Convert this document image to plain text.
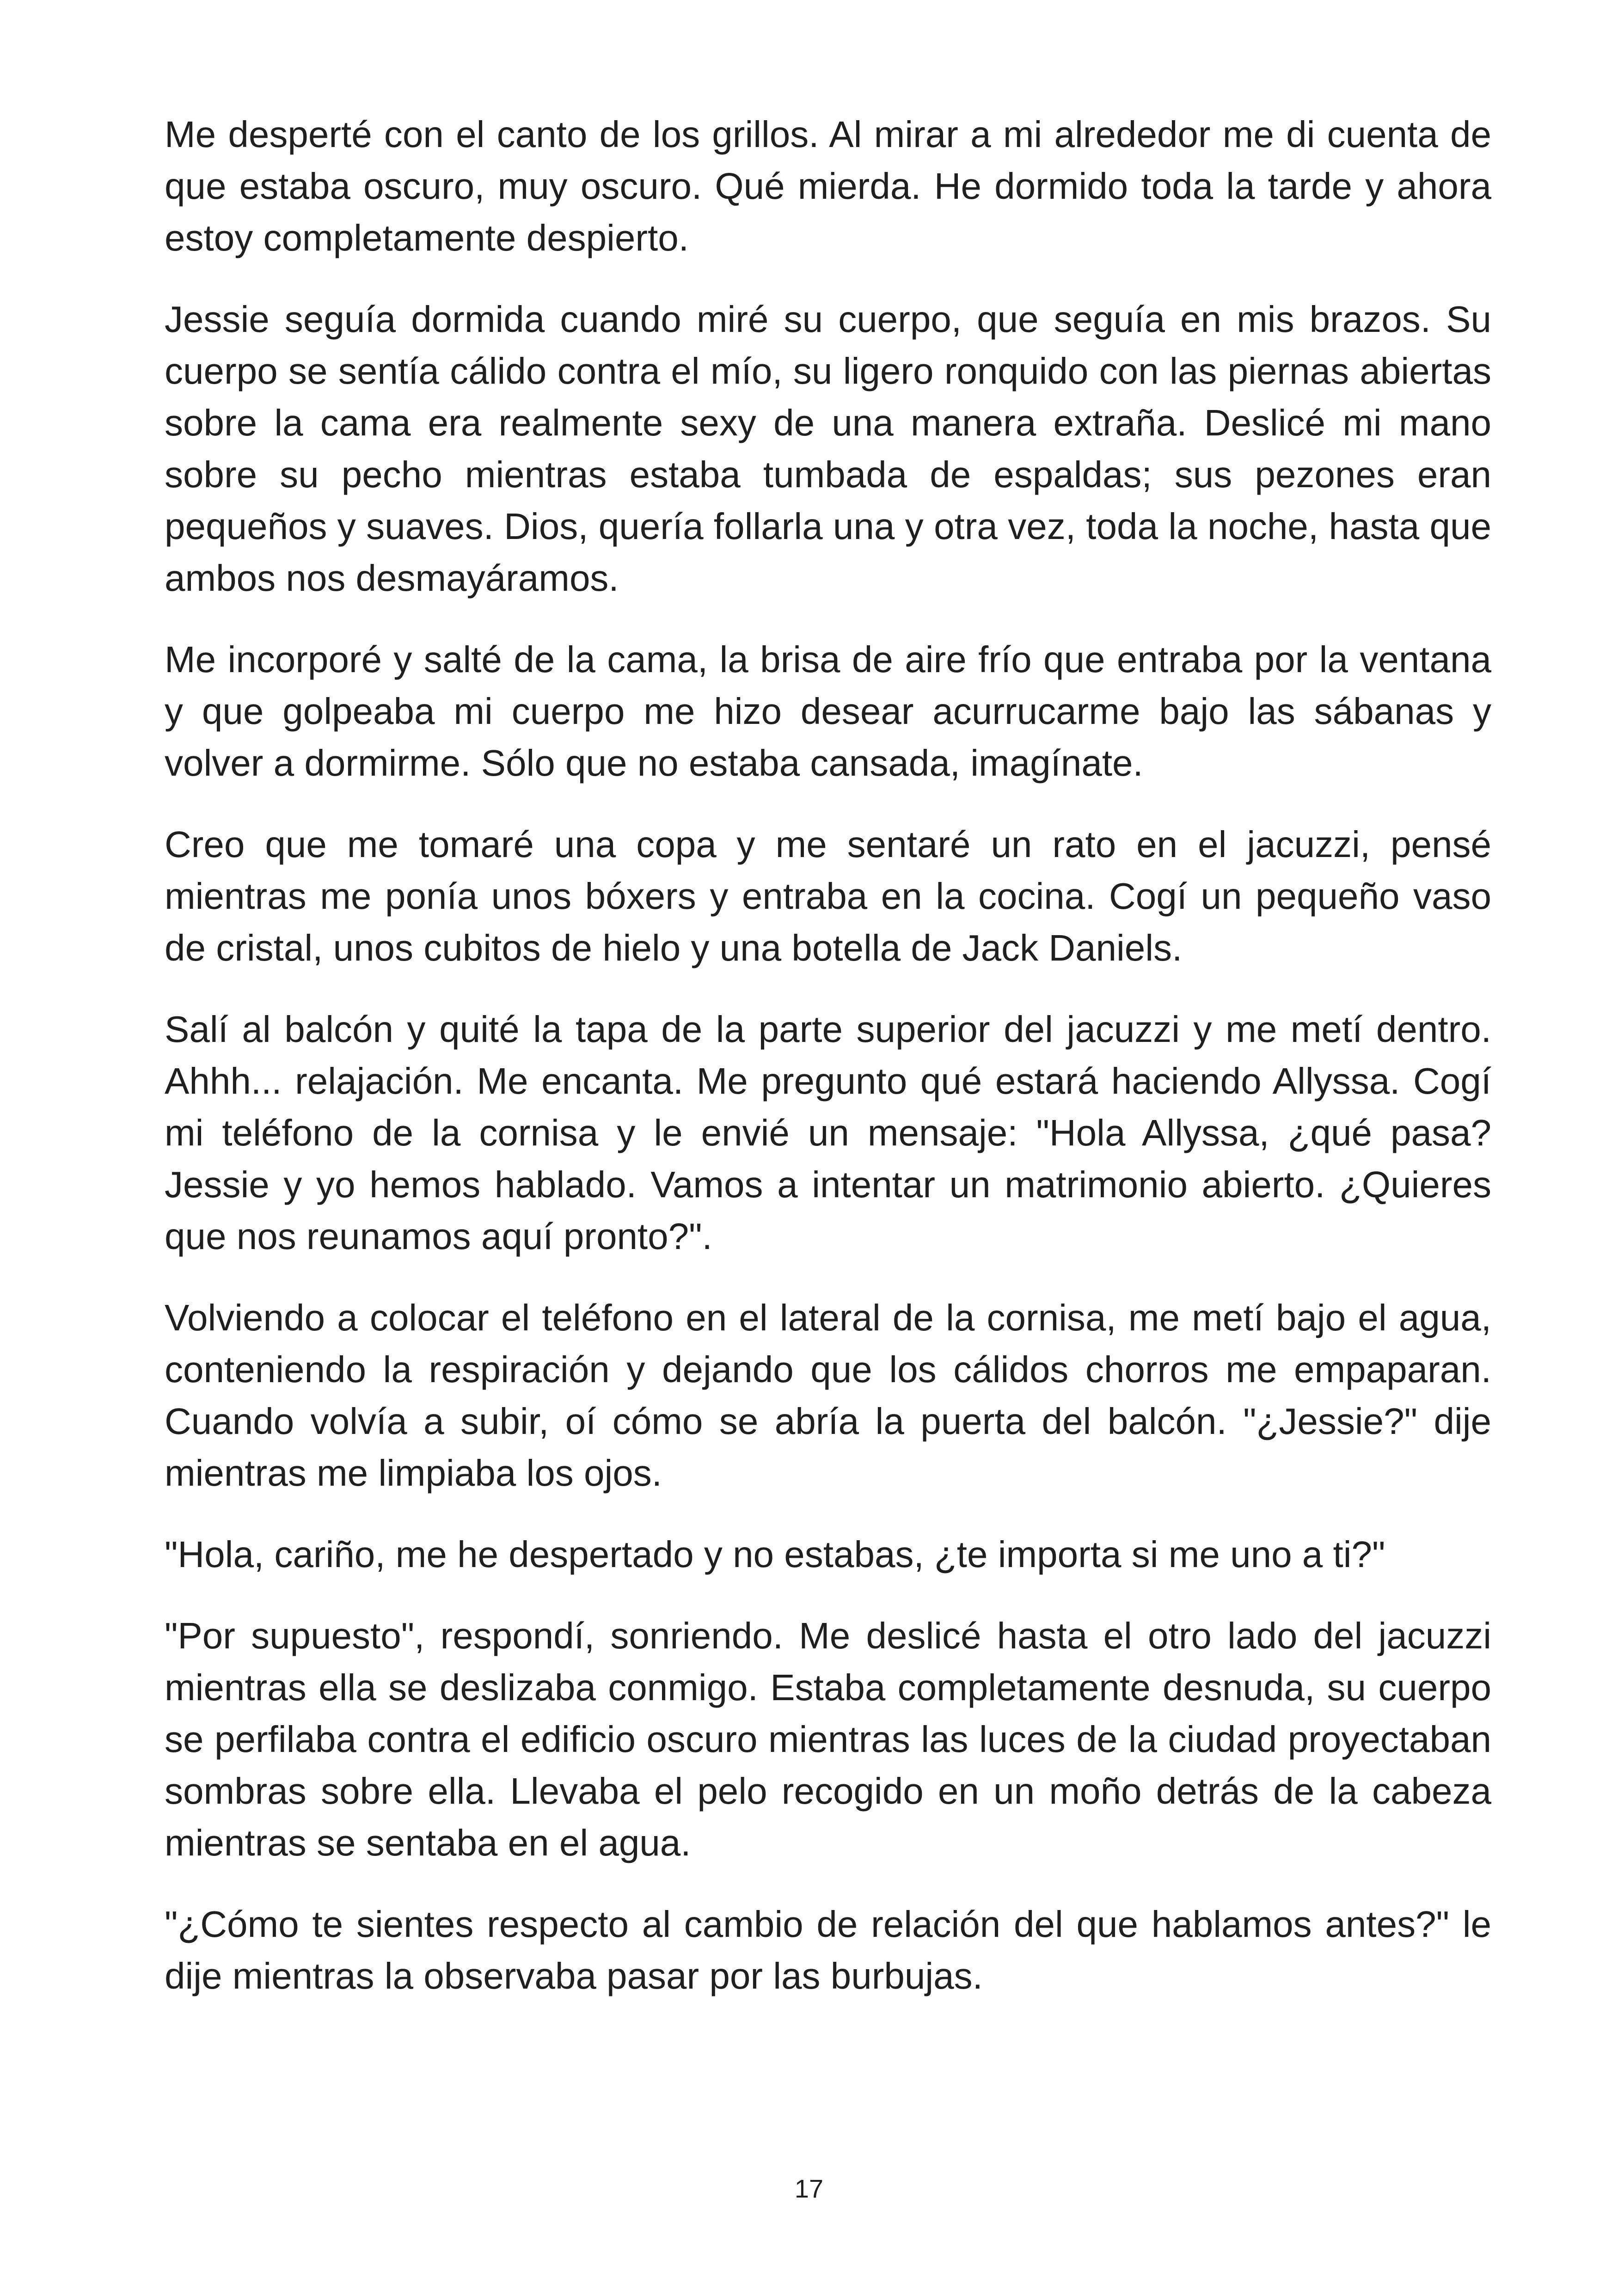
Me desperté con el canto de los grillos. Al mirar a mi alrededor me di cuenta de que estaba oscuro, muy oscuro. Qué mierda. He dormido toda la tarde y ahora estoy completamente despierto.

Jessie seguía dormida cuando miré su cuerpo, que seguía en mis brazos. Su cuerpo se sentía cálido contra el mío, su ligero ronquido con las piernas abiertas sobre la cama era realmente sexy de una manera extraña. Deslicé mi mano sobre su pecho mientras estaba tumbada de espaldas; sus pezones eran pequeños y suaves. Dios, quería follarla una y otra vez, toda la noche, hasta que ambos nos desmayáramos.

Me incorporé y salté de la cama, la brisa de aire frío que entraba por la ventana y que golpeaba mi cuerpo me hizo desear acurrucarme bajo las sábanas y volver a dormirme. Sólo que no estaba cansada, imagínate.

Creo que me tomaré una copa y me sentaré un rato en el jacuzzi, pensé mientras me ponía unos bóxers y entraba en la cocina. Cogí un pequeño vaso de cristal, unos cubitos de hielo y una botella de Jack Daniels.

Salí al balcón y quité la tapa de la parte superior del jacuzzi y me metí dentro. Ahhh... relajación. Me encanta. Me pregunto qué estará haciendo Allyssa. Cogí mi teléfono de la cornisa y le envié un mensaje: "Hola Allyssa, ¿qué pasa? Jessie y yo hemos hablado. Vamos a intentar un matrimonio abierto. ¿Quieres que nos reunamos aquí pronto?".

Volviendo a colocar el teléfono en el lateral de la cornisa, me metí bajo el agua, conteniendo la respiración y dejando que los cálidos chorros me empaparan. Cuando volvía a subir, oí cómo se abría la puerta del balcón. "¿Jessie?" dije mientras me limpiaba los ojos.

"Hola, cariño, me he despertado y no estabas, ¿te importa si me uno a ti?"

"Por supuesto", respondí, sonriendo. Me deslicé hasta el otro lado del jacuzzi mientras ella se deslizaba conmigo. Estaba completamente desnuda, su cuerpo se perfilaba contra el edificio oscuro mientras las luces de la ciudad proyectaban sombras sobre ella. Llevaba el pelo recogido en un moño detrás de la cabeza mientras se sentaba en el agua.

"¿Cómo te sientes respecto al cambio de relación del que hablamos antes?" le dije mientras la observaba pasar por las burbujas.

17
